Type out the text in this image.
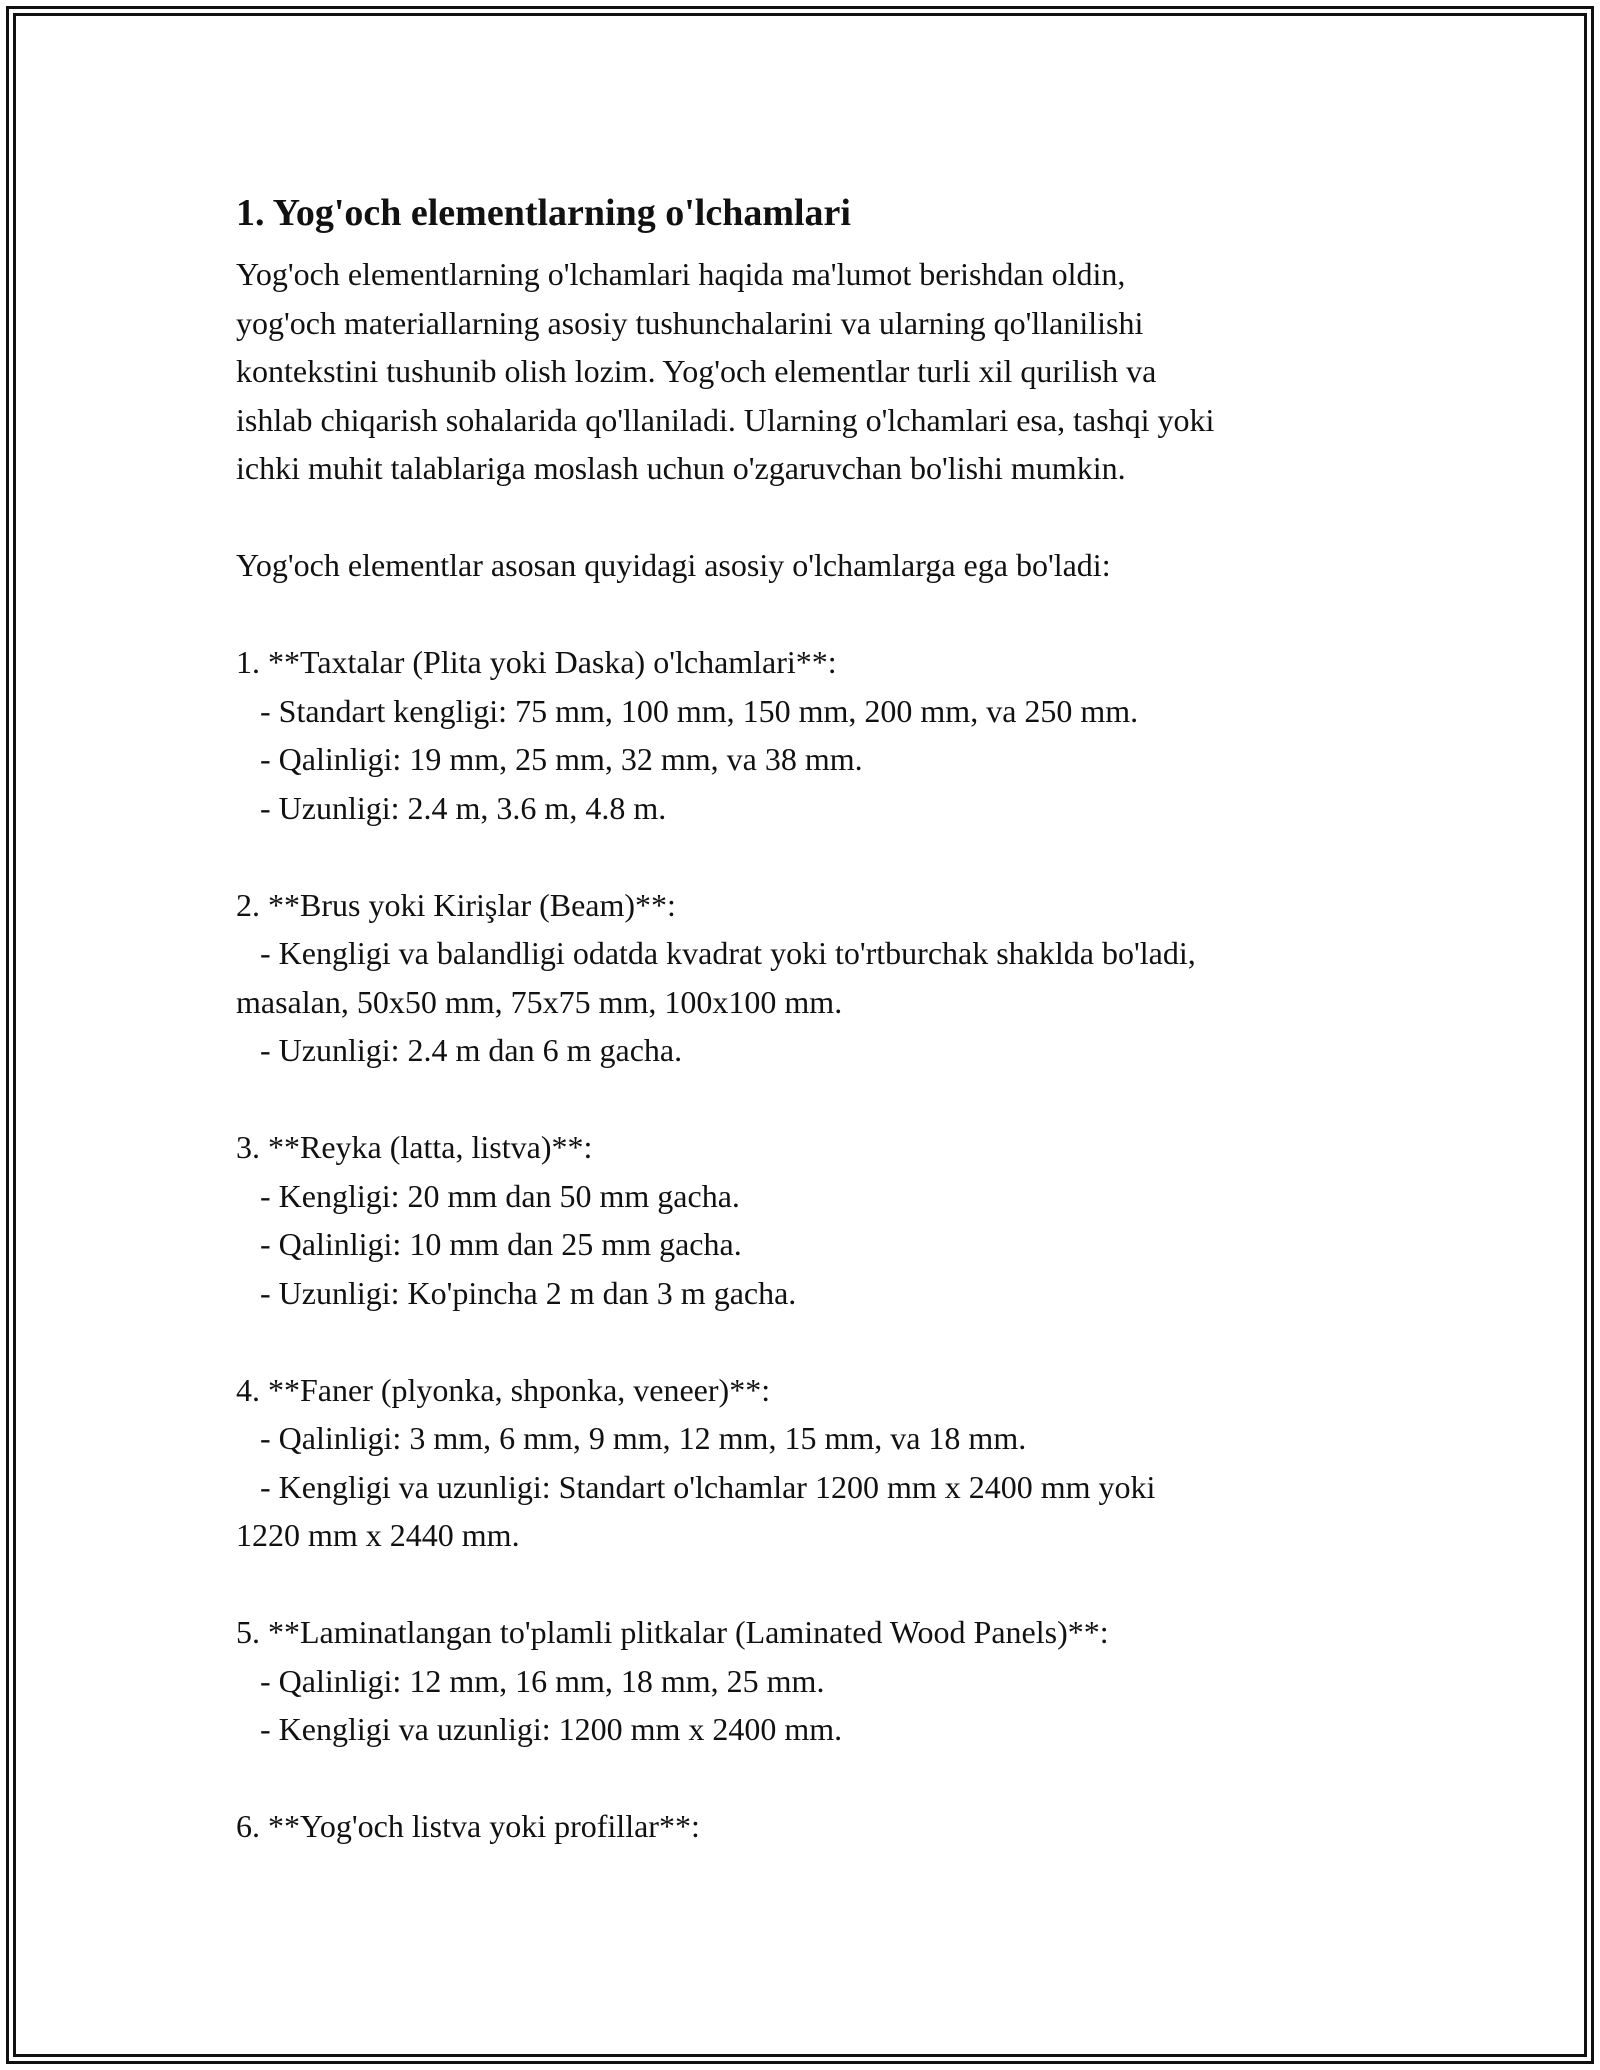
1. Yog'och elementlarning o'lchamlari

Yog'och elementlarning o'lchamlari haqida ma'lumot berishdan oldin,
yog'och materiallarning asosiy tushunchalarini va ularning qo'llanilishi
kontekstini tushunib olish lozim. Yog'och elementlar turli xil qurilish va
ishlab chiqarish sohalarida qo'llaniladi. Ularning o'lchamlari esa, tashqi yoki
ichki muhit talablariga moslash uchun o'zgaruvchan bo'lishi mumkin.

Yog'och elementlar asosan quyidagi asosiy o'lchamlarga ega bo'ladi:

1. **Taxtalar (Plita yoki Daska) o'lchamlari**:

- Standart kengligi: 75 mm, 100 mm, 150 mm, 200 mm, va 250 mm.

- Qalinligi: 19 mm, 25 mm, 32 mm, va 38 mm.

- Uzunligi: 2.4 m, 3.6 m, 4.8 m.

2. **Brus yoki Kirişlar (Beam)**:

- Kengligi va balandligi odatda kvadrat yoki to'rtburchak shaklda bo'ladi,

masalan, 50x50 mm, 75x75 mm, 100x100 mm.

- Uzunligi: 2.4 m dan 6 m gacha.

3. **Reyka (latta, listva)**:

- Kengligi: 20 mm dan 50 mm gacha.

- Qalinligi: 10 mm dan 25 mm gacha.

- Uzunligi: Ko'pincha 2 m dan 3 m gacha.

4. **Faner (plyonka, shponka, veneer)**:

- Qalinligi: 3 mm, 6 mm, 9 mm, 12 mm, 15 mm, va 18 mm.

- Kengligi va uzunligi: Standart o'lchamlar 1200 mm x 2400 mm yoki

1220 mm x 2440 mm.

5. **Laminatlangan to'plamli plitkalar (Laminated Wood Panels)**:

- Qalinligi: 12 mm, 16 mm, 18 mm, 25 mm.

- Kengligi va uzunligi: 1200 mm x 2400 mm.

6. **Yog'och listva yoki profillar**:
